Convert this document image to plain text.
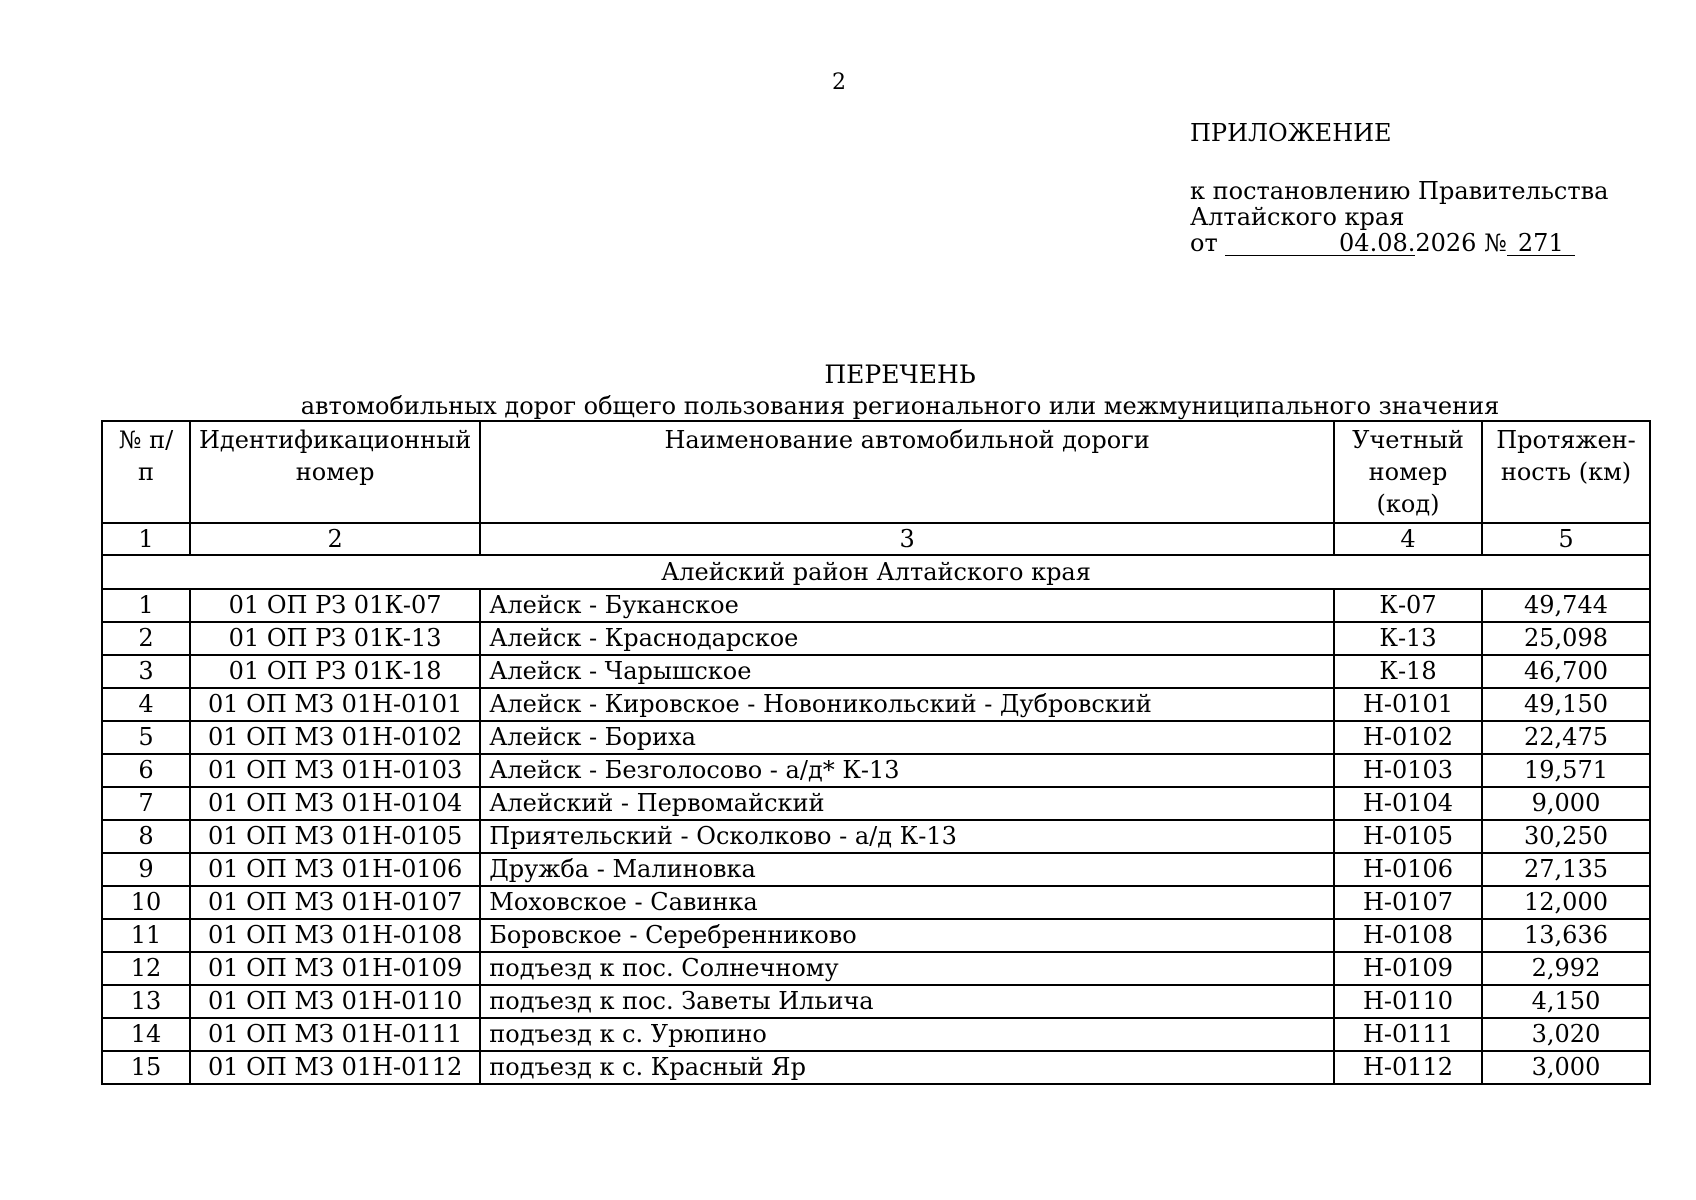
2

ПРИЛОЖЕНИЕ

к постановлению Правительства

Алтайского края

от	04.08.2026 № 271

ПЕРЕЧЕНЬ

автомобильных дорог общего пользования регионального или межмуниципального значения

№ п/п	Идентификационный номер	Наименование автомобильной дороги	Учетный номер (код)	Протяжен-ность (км)
1	2	3	4	5
Алейский район Алтайского края				
1	01 ОП РЗ 01К-07	Алейск - Буканское	К-07	49,744
2	01 ОП РЗ 01К-13	Алейск - Краснодарское	К-13	25,098
3	01 ОП РЗ 01К-18	Алейск - Чарышское	К-18	46,700
4	01 ОП МЗ 01Н-0101	Алейск - Кировское - Новоникольский - Дубровский	Н-0101	49,150
5	01 ОП МЗ 01Н-0102	Алейск - Бориха	Н-0102	22,475
6	01 ОП МЗ 01Н-0103	Алейск - Безголосово - а/д* К-13	Н-0103	19,571
7	01 ОП МЗ 01Н-0104	Алейский - Первомайский	Н-0104	9,000
8	01 ОП МЗ 01Н-0105	Приятельский - Осколково - а/д К-13	Н-0105	30,250
9	01 ОП МЗ 01Н-0106	Дружба - Малиновка	Н-0106	27,135
10	01 ОП МЗ 01Н-0107	Моховское - Савинка	Н-0107	12,000
11	01 ОП МЗ 01Н-0108	Боровское - Серебренниково	Н-0108	13,636
12	01 ОП МЗ 01Н-0109	подъезд к пос. Солнечному	Н-0109	2,992
13	01 ОП МЗ 01Н-0110	подъезд к пос. Заветы Ильича	Н-0110	4,150
14	01 ОП МЗ 01Н-0111	подъезд к с. Урюпино	Н-0111	3,020
15	01 ОП МЗ 01Н-0112	подъезд к с. Красный Яр	Н-0112	3,000
